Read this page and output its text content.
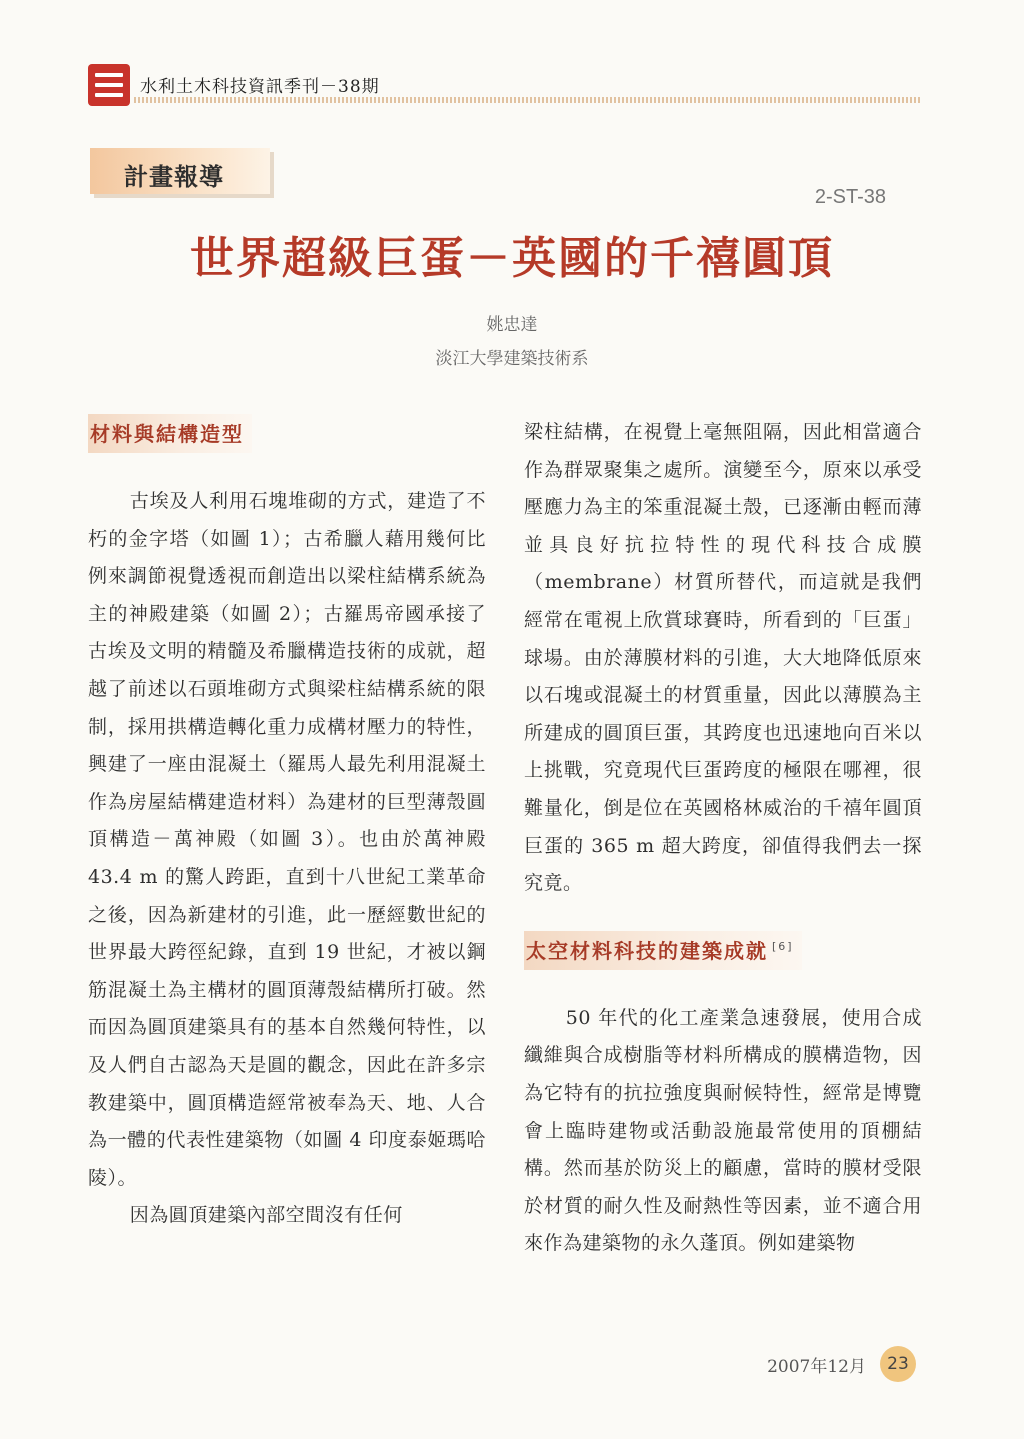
水利土木科技資訊季刊－38期
計畫報導
2-ST-38
世界超級巨蛋－英國的千禧圓頂
姚忠達
淡江大學建築技術系
材料與結構造型

古埃及人利用石塊堆砌的方式，建造了不朽的金字塔（如圖 1）；古希臘人藉用幾何比例來調節視覺透視而創造出以梁柱結構系統為主的神殿建築（如圖 2）；古羅馬帝國承接了古埃及文明的精髓及希臘構造技術的成就，超越了前述以石頭堆砌方式與梁柱結構系統的限制，採用拱構造轉化重力成構材壓力的特性，興建了一座由混凝土（羅馬人最先利用混凝土作為房屋結構建造材料）為建材的巨型薄殼圓頂構造－萬神殿（如圖 3）。也由於萬神殿 43.4 m 的驚人跨距，直到十八世紀工業革命之後，因為新建材的引進，此一歷經數世紀的世界最大跨徑紀錄，直到 19 世紀，才被以鋼筋混凝土為主構材的圓頂薄殼結構所打破。然而因為圓頂建築具有的基本自然幾何特性，以及人們自古認為天是圓的觀念，因此在許多宗教建築中，圓頂構造經常被奉為天、地、人合為一體的代表性建築物（如圖 4 印度泰姬瑪哈陵）。

因為圓頂建築內部空間沒有任何

梁柱結構，在視覺上毫無阻隔，因此相當適合作為群眾聚集之處所。演變至今，原來以承受壓應力為主的笨重混凝土殼，已逐漸由輕而薄並具良好抗拉特性的現代科技合成膜（membrane）材質所替代，而這就是我們經常在電視上欣賞球賽時，所看到的「巨蛋」球場。由於薄膜材料的引進，大大地降低原來以石塊或混凝土的材質重量，因此以薄膜為主所建成的圓頂巨蛋，其跨度也迅速地向百米以上挑戰，究竟現代巨蛋跨度的極限在哪裡，很難量化，倒是位在英國格林威治的千禧年圓頂巨蛋的 365 m 超大跨度，卻值得我們去一探究竟。

太空材料科技的建築成就 [6]

50 年代的化工產業急速發展，使用合成纖維與合成樹脂等材料所構成的膜構造物，因為它特有的抗拉強度與耐候特性，經常是博覽會上臨時建物或活動設施最常使用的頂棚結構。然而基於防災上的顧慮，當時的膜材受限於材質的耐久性及耐熱性等因素，並不適合用來作為建築物的永久蓬頂。例如建築物

2007年12月	23
